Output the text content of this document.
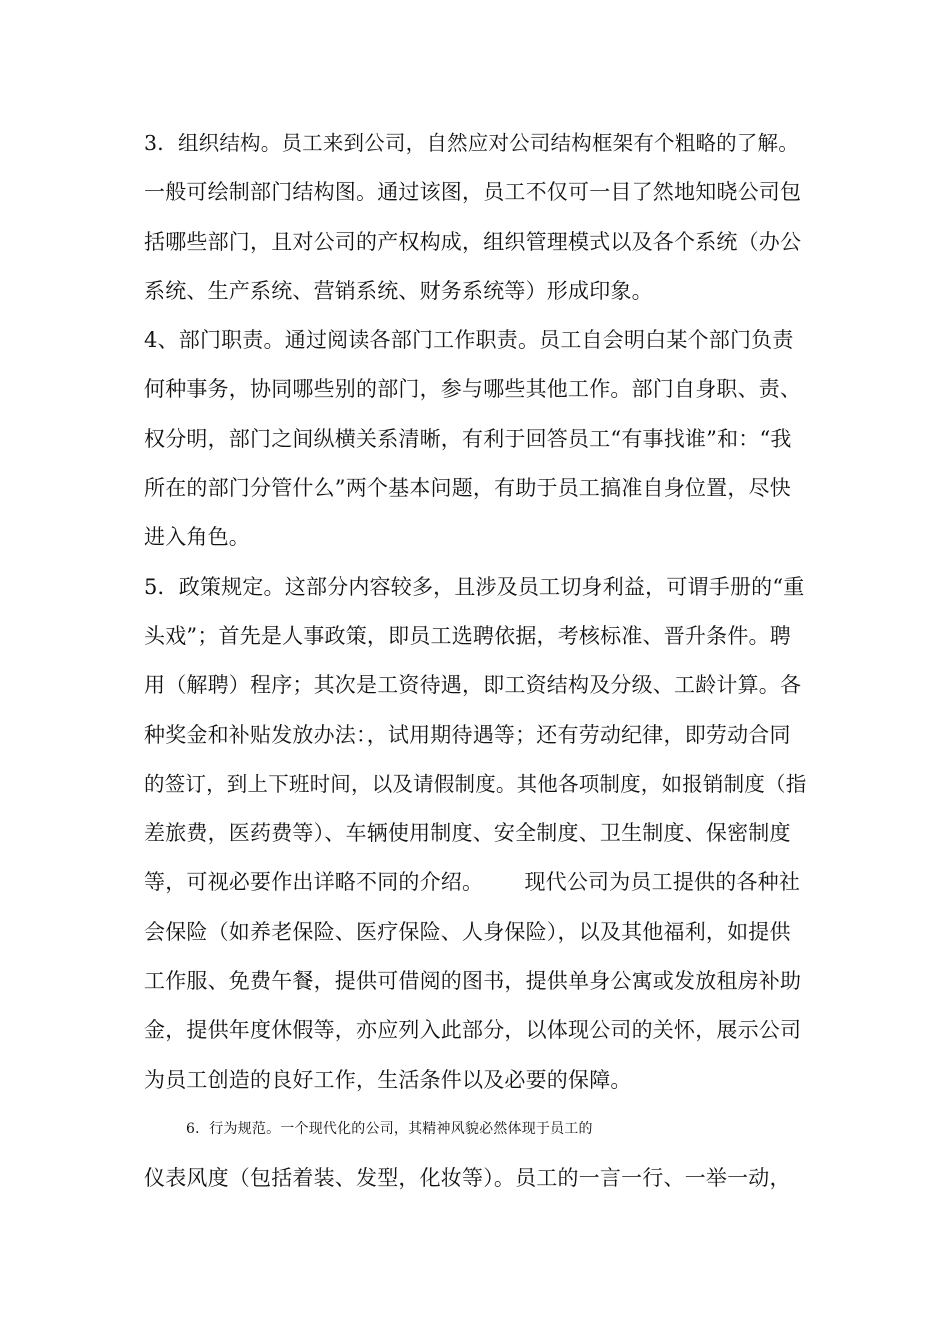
3．组织结构。员工来到公司，自然应对公司结构框架有个粗略的了解。
一般可绘制部门结构图。通过该图，员工不仅可一目了然地知晓公司包
括哪些部门，且对公司的产权构成，组织管理模式以及各个系统（办公
系统、生产系统、营销系统、财务系统等）形成印象。
4、部门职责。通过阅读各部门工作职责。员工自会明白某个部门负责
何种事务，协同哪些别的部门，参与哪些其他工作。部门自身职、责、
权分明，部门之间纵横关系清晰，有利于回答员工“有事找谁”和：“我
所在的部门分管什么”两个基本问题，有助于员工搞准自身位置，尽快
进入角色。
5．政策规定。这部分内容较多，且涉及员工切身利益，可谓手册的“重
头戏”；首先是人事政策，即员工选聘依据，考核标准、晋升条件。聘
用（解聘）程序；其次是工资待遇，即工资结构及分级、工龄计算。各
种奖金和补贴发放办法：，试用期待遇等；还有劳动纪律，即劳动合同
的签订，到上下班时间，以及请假制度。其他各项制度，如报销制度（指
差旅费，医药费等）、车辆使用制度、安全制度、卫生制度、保密制度
等，可视必要作出详略不同的介绍。      现代公司为员工提供的各种社
会保险（如养老保险、医疗保险、人身保险），以及其他福利，如提供
工作服、免费午餐，提供可借阅的图书，提供单身公寓或发放租房补助
金，提供年度休假等，亦应列入此部分，以体现公司的关怀，展示公司
为员工创造的良好工作，生活条件以及必要的保障。
6．行为规范。一个现代化的公司，其精神风貌必然体现于员工的
仪表风度（包括着装、发型，化妆等）。员工的一言一行、一举一动，
